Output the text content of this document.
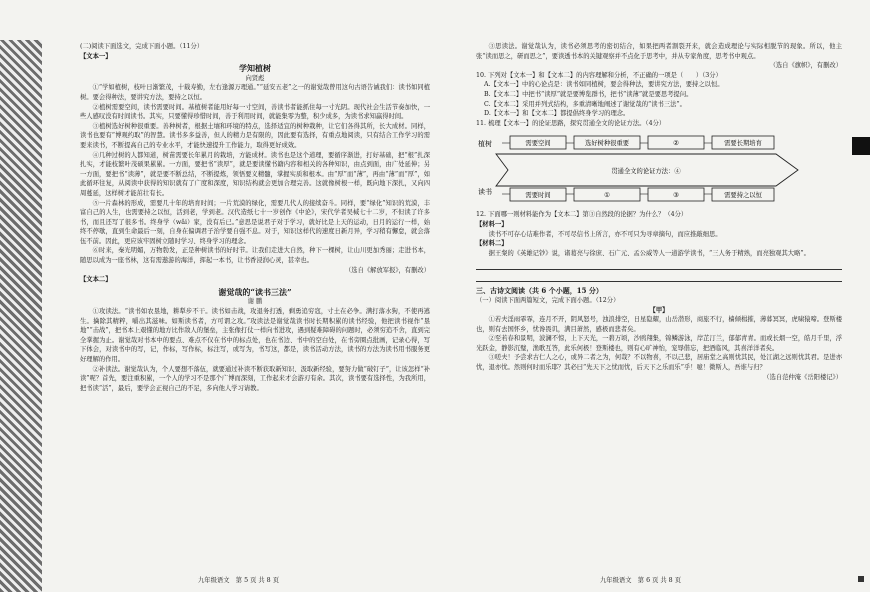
(二)阅读下面选文，完成下面小题。（11分）

【文本一】

学知植树
向贤彪

①“学如植树，枝叶日渐繁茂，十载寿勤，左右逢源万理通。”“延安五老”之一的谢觉哉曾用这句古语告诫我们：读书如同植树。要会得种法，要讲究方法，要持之以恒。

②植树需要空间，读书需要时间。基植树者能用好每一寸空间，善读书者能抓住每一寸光阴。现代社会生活节奏加快，一些人感叹没有时间读书。其实，只要懂得珍惜时间，善于利用时间，就能集零为整，积少成多，为读书求知赢得时间。

③植树选好树种很重要。善种树者，根据土壤和环境的特点，选择适宜的树种栽种，让它们各得其所，长大成材。同样，读书也要有“博观约取”的智慧。读书多多益善，但人的精力是有限的，因此要有选择，有重点地阅读，只有结合工作学习的需要来读书，不断提高自己的专业水平，才能快速提升工作能力，取得更好成效。

④几种过树的人都知道，树苗需要长年累月的栽培，方能成材。读书也是这个道理，要循序渐进，打好基础，把“根”扎深扎实，才能枝繁叶茂硕果累累。一方面，要把书“读厚”，就是要读懂书籍内容和相关的各种知识，由点到面，由广处延伸；另一方面，要把书“读薄”，就是要不断总结，不断提炼，领悟要义精髓，掌握实质和根本。由“厚”而“薄”，再由“薄”而“厚”，如此循环往复，从阅读中获得的知识就有了广度和深度，知识结构就会更加合理完善。这就像树根一样，既向地下深扎，又向四周蔓延，这样树才能茁壮有长。

⑤一片森林的形成，需要几十年的培育时间；一片荒漠的绿化，需要几代人的接续奋斗。同样，要“绿化”知识的荒漠，丰富自己的人生，也需要持之以恒，活到老，学到老。汉代造纸七十一岁创作《中论》，宋代学者吴棫七十二岁，不但读了许多书，而且还写了很多书。终身学（wǎi）家，没有后已。”意思是说君子对于学习，就好比是上天的运动，日月的运行一样，始终不停歇，直到生命最后一刻，自身在偏调君子治学要自强不息。对于，知识这样代的速度日新月异，学习稍有懈怠，就会落伍不前。因此，更应该牢固树立随时学习、终身学习的理念。

⑥时来，秦光明媚，万物勃发，正是种树读书的好时节。让我们走进大自然，种下一棵树，让山川更加秀丽；走进书本，随思以成为一座书林，这有需遨游的海洋，挥起一本书，让书香浸润心灵，甚幸也。

（选自《解放军报》，有删改）

【文本二】

谢觉哉的“读书三法”
谢 鹏

①攻读法。“读书如农垦地，耕犁步不干。读书如击战，攻退务打透，剩勇追穷寇，寸土在必争。满打落水狗，不使再逃生。擒除其精粹，嚼出其滋味。如斯读书者，方可谓之攻。”攻读法是谢觉哉读书时长期积累的读书经验，他把读书视作“垦地”“击战”，把书本上艰懂的地方比作敌人的堡垒，主张像打仗一样向书进攻，遇到疑难障碍的问题时，必须穷追不舍，直到完全掌握为止。谢觉哉对书本中的要点、难点不仅在书中的标点处，也在书边、书中的空白处，在书旁圈点批画，记录心得，写下体会，对读书中的写，记，作标，写作标，标注写，或写为，书写这，都是，读书活动方法，读书的方法为读书用书服务更好理解的作用。

②补读法。谢觉哉认为，个人要想不落伍，就要通过补读不断获取新知识、汲取新经验，要努力做“破钉子”，让该怎样“补读”呢？首先，要注重积累，一个人的学习不是那个广博而深刻，工作起来才会游刃有余。其次，读书要有选择性，为我所用，把书读“活”，最后，要学会正视自己的不足，多向他人学习请教。

九年级语文　第 5 页 共 8 页

③思读法。谢觉哉认为，读书必须思考的密切结合，如果把两者割裂开来，就会造成理论与实际相脱节的现象。所以，他主张“读而思之，研而思之”，要读透书本的关键观察并不点化于思考中，并从专家角度，思考书中观点。

（选自《旗帜》，有删改）

10. 下列对【文本一】和【文本二】的内容理解和分析，不正确的一项是（　　）（3分）

A.【文本一】中的心论点是：读书如同植树，要会得种法，要讲究方法，要持之以恒。

B.【文本二】中把书“读厚”就是要博览群书，把书“读薄”就是要思考提问。

C.【文本二】采用并列式结构，多重清晰地阐述了谢觉哉的“读书三法”。

D.【文本一】和【文本二】都提倡终身学习的理念。

11. 梳理【文本一】的论证思路，探究贯通全文的论证方法。（4分）

植树
读书
需要空间	选好树种很重要	②	需要长期培育
贯通全文的论证方法：④
需要时间	①	③	需要持之以恒

12. 下面哪一则材料能作为【文本二】第③自然段的论据？为什么？（4分）

【材料一】

读书不可存心诘难作者，不可尽信书上所言，亦不可只为寻章摘句，而应推敲细思。

【材料二】

据王粲的《英雄记钞》说，诸葛亮与徐庶、石广元、孟公威等人一道游学读书，“三人务于精熟，而亮独观其大略”。

三、古诗文阅读（共 6 个小题，15 分）

（一）阅读下面两篇短文，完成下面小题。（12分）

【甲】

①若夫淫雨霏霏，连月不开，阴风怒号，浊浪排空，日星隐耀，山岳潜形，商旅不行，樯倾楫摧，薄暮冥冥，虎啸猿啼。登斯楼也，则有去国怀乡，忧谗畏讥，满目萧然，感极而悲者矣。

②至若春和景明，波澜不惊，上下天光，一碧万顷，沙鸥翔集，锦鳞游泳，岸芷汀兰，郁郁青青。而或长烟一空，皓月千里，浮光跃金，静影沉璧，渔歌互答，此乐何极！登斯楼也，则有心旷神怡，宠辱偕忘，把酒临风，其喜洋洋者矣。

③嗟夫！予尝求古仁人之心，或异二者之为，何哉？不以物喜，不以己悲，居庙堂之高则忧其民，处江湖之远则忧其君。是进亦忧，退亦忧。然则何时而乐耶？其必曰“先天下之忧而忧，后天下之乐而乐”乎！噫！微斯人，吾谁与归？

（选自范仲淹《岳阳楼记》）

九年级语文　第 6 页 共 8 页
